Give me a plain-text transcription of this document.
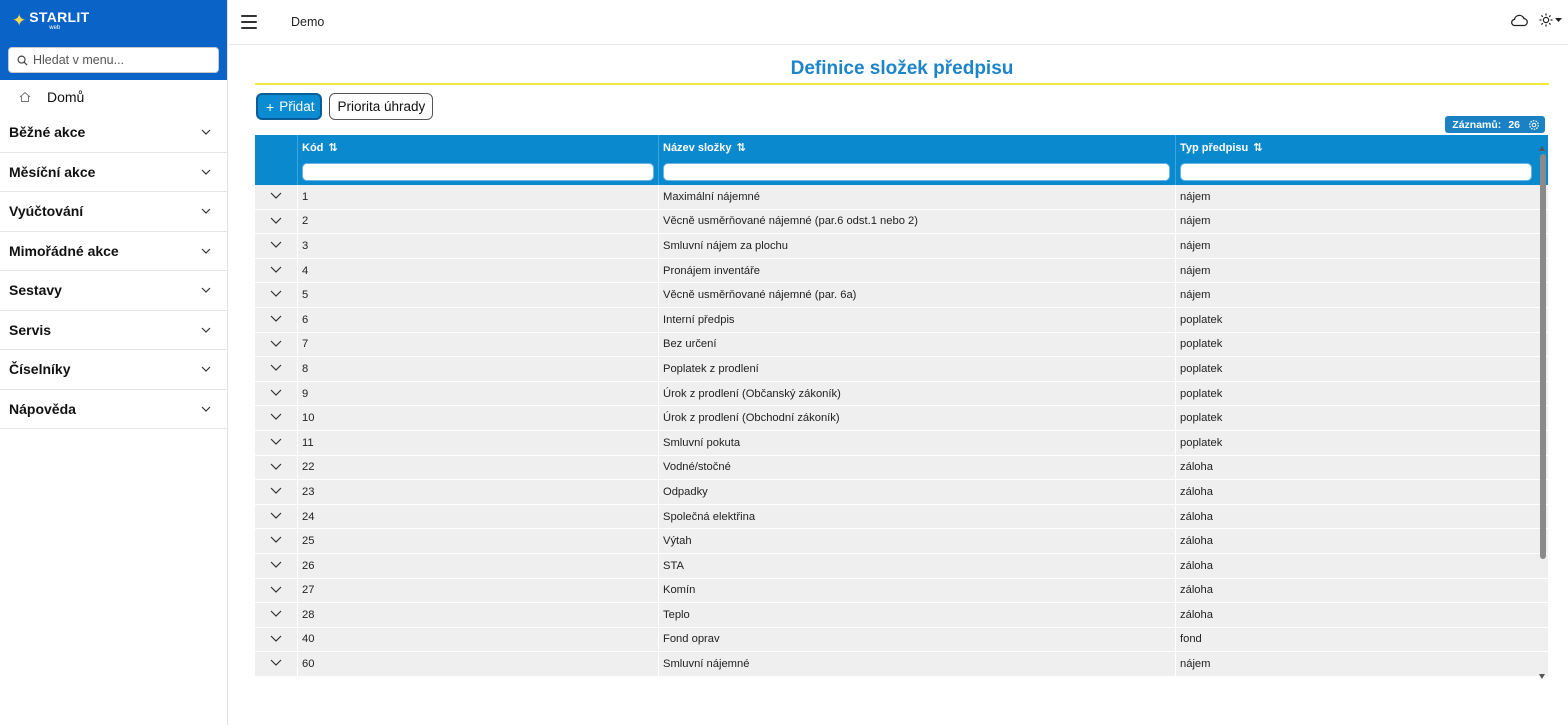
✦ STARLIT
web
Hledat v menu...
Domů
Běžné akce
Měsíční akce
Vyúčtování
Mimořádné akce
Sestavy
Servis
Číselníky
Nápověda
Demo
Definice složek předpisu
+ Přidat	Priorita úhrady
Záznamů: 26
Kód ⇅	Název složky ⇅	Typ předpisu ⇅
1	Maximální nájemné	nájem
2	Věcně usměrňované nájemné (par.6 odst.1 nebo 2)	nájem
3	Smluvní nájem za plochu	nájem
4	Pronájem inventáře	nájem
5	Věcně usměrňované nájemné (par. 6a)	nájem
6	Interní předpis	poplatek
7	Bez určení	poplatek
8	Poplatek z prodlení	poplatek
9	Úrok z prodlení (Občanský zákoník)	poplatek
10	Úrok z prodlení (Obchodní zákoník)	poplatek
11	Smluvní pokuta	poplatek
22	Vodné/stočné	záloha
23	Odpadky	záloha
24	Společná elektřina	záloha
25	Výtah	záloha
26	STA	záloha
27	Komín	záloha
28	Teplo	záloha
40	Fond oprav	fond
60	Smluvní nájemné	nájem
